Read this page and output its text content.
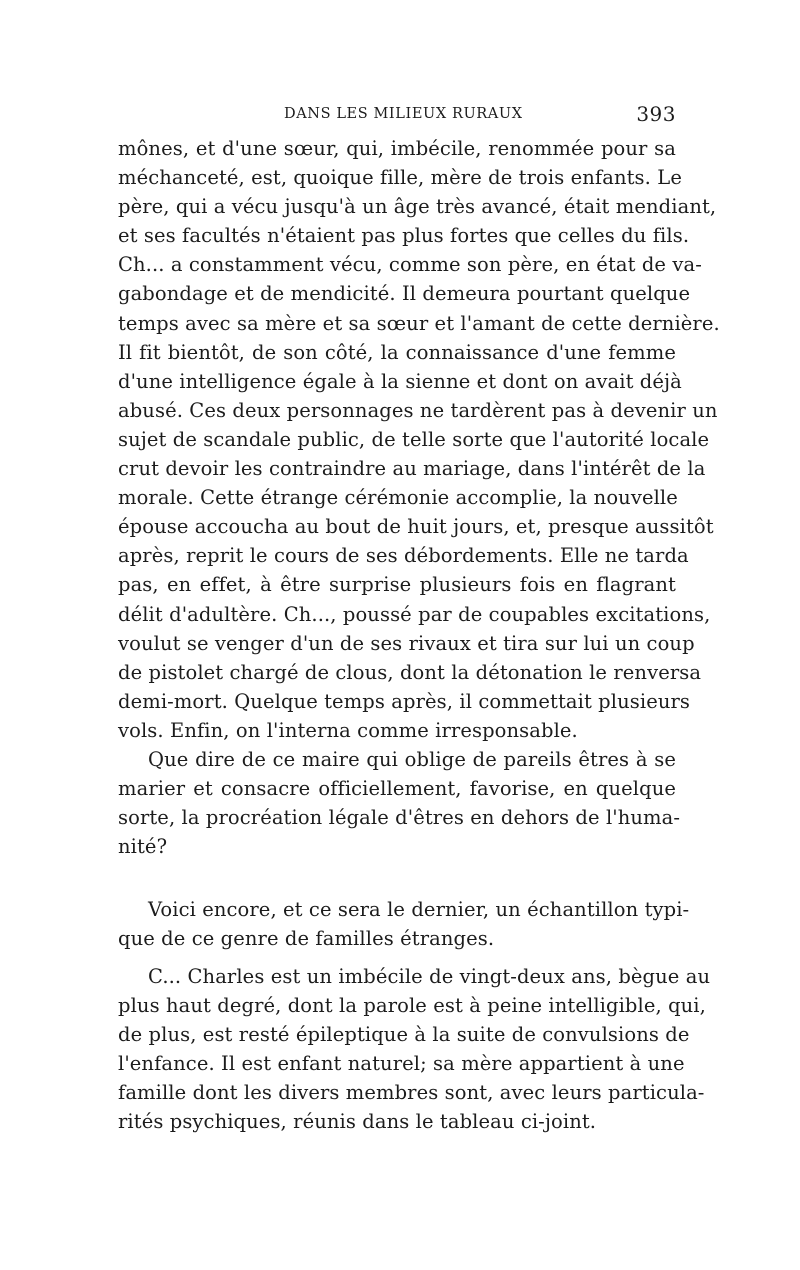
DANS LES MILIEUX RURAUX	393
mônes, et d'une sœur, qui, imbécile, renommée pour sa
méchanceté, est, quoique fille, mère de trois enfants. Le
père, qui a vécu jusqu'à un âge très avancé, était mendiant,
et ses facultés n'étaient pas plus fortes que celles du fils.
Ch... a constamment vécu, comme son père, en état de va-
gabondage et de mendicité. Il demeura pourtant quelque
temps avec sa mère et sa sœur et l'amant de cette dernière.
Il fit bientôt, de son côté, la connaissance d'une femme
d'une intelligence égale à la sienne et dont on avait déjà
abusé. Ces deux personnages ne tardèrent pas à devenir un
sujet de scandale public, de telle sorte que l'autorité locale
crut devoir les contraindre au mariage, dans l'intérêt de la
morale. Cette étrange cérémonie accomplie, la nouvelle
épouse accoucha au bout de huit jours, et, presque aussitôt
après, reprit le cours de ses débordements. Elle ne tarda
pas, en effet, à être surprise plusieurs fois en flagrant
délit d'adultère. Ch..., poussé par de coupables excitations,
voulut se venger d'un de ses rivaux et tira sur lui un coup
de pistolet chargé de clous, dont la détonation le renversa
demi-mort. Quelque temps après, il commettait plusieurs
vols. Enfin, on l'interna comme irresponsable.
Que dire de ce maire qui oblige de pareils êtres à se
marier et consacre officiellement, favorise, en quelque
sorte, la procréation légale d'êtres en dehors de l'huma-
nité?
Voici encore, et ce sera le dernier, un échantillon typi-
que de ce genre de familles étranges.
C... Charles est un imbécile de vingt-deux ans, bègue au
plus haut degré, dont la parole est à peine intelligible, qui,
de plus, est resté épileptique à la suite de convulsions de
l'enfance. Il est enfant naturel; sa mère appartient à une
famille dont les divers membres sont, avec leurs particula-
rités psychiques, réunis dans le tableau ci-joint.
